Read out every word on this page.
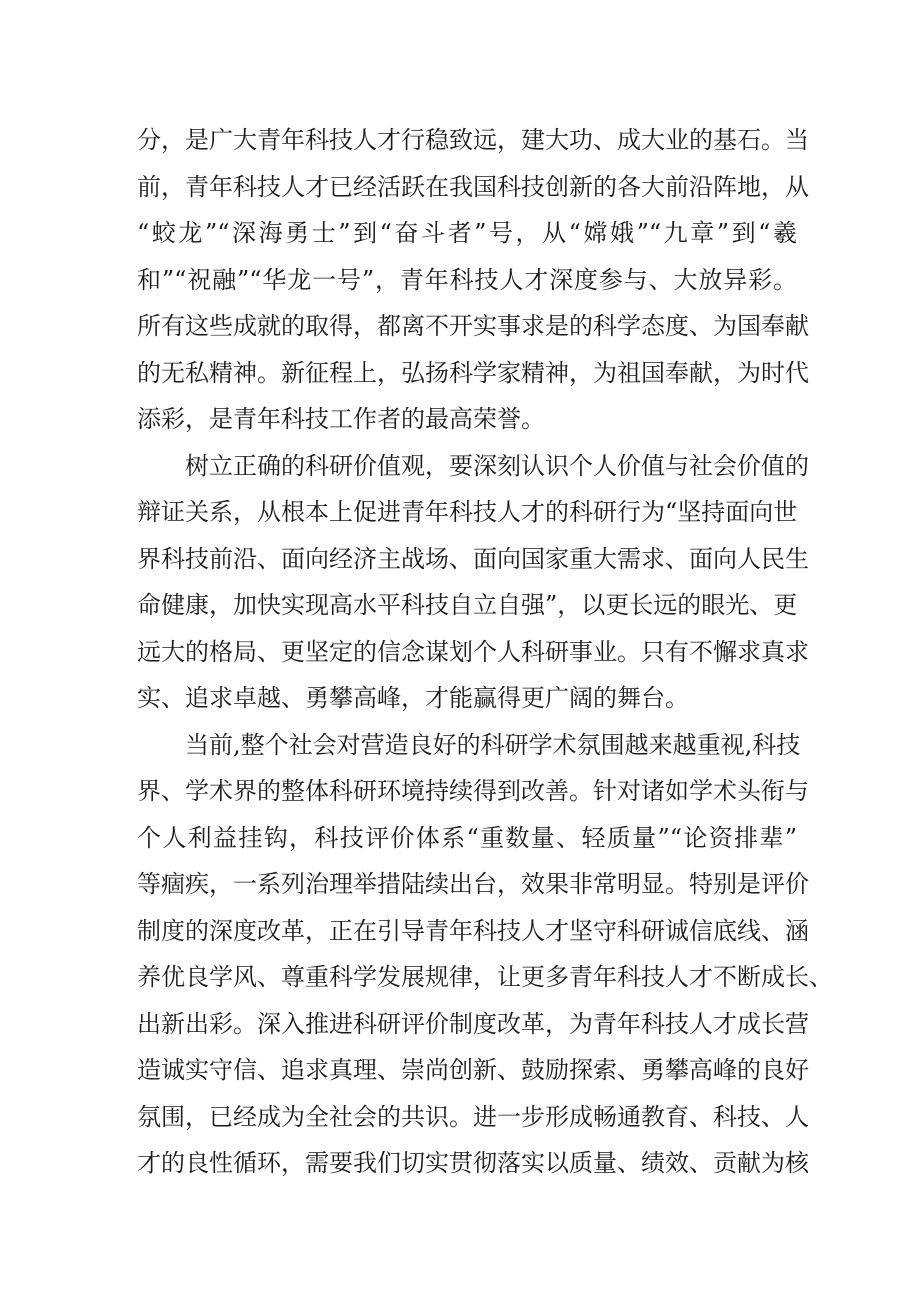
分，是广大青年科技人才行稳致远，建大功、成大业的基石。当
前，青年科技人才已经活跃在我国科技创新的各大前沿阵地，从
“蛟龙”“深海勇士”到“奋斗者”号，从“嫦娥”“九章”到“羲
和”“祝融”“华龙一号”，青年科技人才深度参与、大放异彩。
所有这些成就的取得，都离不开实事求是的科学态度、为国奉献
的无私精神。新征程上，弘扬科学家精神，为祖国奉献，为时代
添彩，是青年科技工作者的最高荣誉。
树立正确的科研价值观，要深刻认识个人价值与社会价值的
辩证关系，从根本上促进青年科技人才的科研行为“坚持面向世
界科技前沿、面向经济主战场、面向国家重大需求、面向人民生
命健康，加快实现高水平科技自立自强”，以更长远的眼光、更
远大的格局、更坚定的信念谋划个人科研事业。只有不懈求真求
实、追求卓越、勇攀高峰，才能赢得更广阔的舞台。
当前,整个社会对营造良好的科研学术氛围越来越重视,科技
界、学术界的整体科研环境持续得到改善。针对诸如学术头衔与
个人利益挂钩，科技评价体系“重数量、轻质量”“论资排辈”
等痼疾，一系列治理举措陆续出台，效果非常明显。特别是评价
制度的深度改革，正在引导青年科技人才坚守科研诚信底线、涵
养优良学风、尊重科学发展规律，让更多青年科技人才不断成长、
出新出彩。深入推进科研评价制度改革，为青年科技人才成长营
造诚实守信、追求真理、崇尚创新、鼓励探索、勇攀高峰的良好
氛围，已经成为全社会的共识。进一步形成畅通教育、科技、人
才的良性循环，需要我们切实贯彻落实以质量、绩效、贡献为核
